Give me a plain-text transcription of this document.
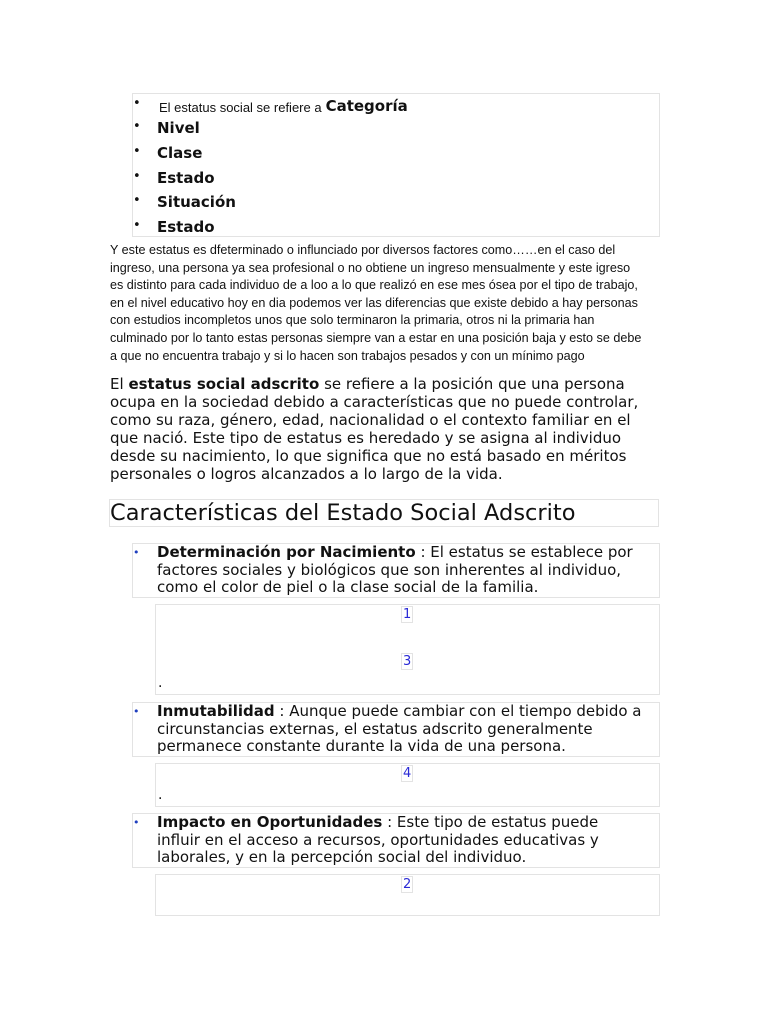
• El estatus social se refiere a Categoría
• Nivel
• Clase
• Estado
• Situación
• Estado
Y este estatus es dfeterminado o influnciado por diversos factores como……en el caso del
ingreso, una persona ya sea profesional o no obtiene un ingreso mensualmente y este igreso
es distinto para cada individuo de a loo a lo que realizó en ese mes ósea por el tipo de trabajo,
en el nivel educativo hoy en dia podemos ver las diferencias que existe debido a hay personas
con estudios incompletos unos que solo terminaron la primaria, otros ni la primaria han
culminado por lo tanto estas personas siempre van a estar en una posición baja y esto se debe
a que no encuentra trabajo y si lo hacen son trabajos pesados y con un mínimo pago
El estatus social adscrito se refiere a la posición que una persona
ocupa en la sociedad debido a características que no puede controlar,
como su raza, género, edad, nacionalidad o el contexto familiar en el
que nació. Este tipo de estatus es heredado y se asigna al individuo
desde su nacimiento, lo que significa que no está basado en méritos
personales o logros alcanzados a lo largo de la vida.
Características del Estado Social Adscrito
• Determinación por Nacimiento : El estatus se establece por
factores sociales y biológicos que son inherentes al individuo,
como el color de piel o la clase social de la familia.
1
3
.
• Inmutabilidad : Aunque puede cambiar con el tiempo debido a
circunstancias externas, el estatus adscrito generalmente
permanece constante durante la vida de una persona.
4
.
• Impacto en Oportunidades : Este tipo de estatus puede
influir en el acceso a recursos, oportunidades educativas y
laborales, y en la percepción social del individuo.
2
